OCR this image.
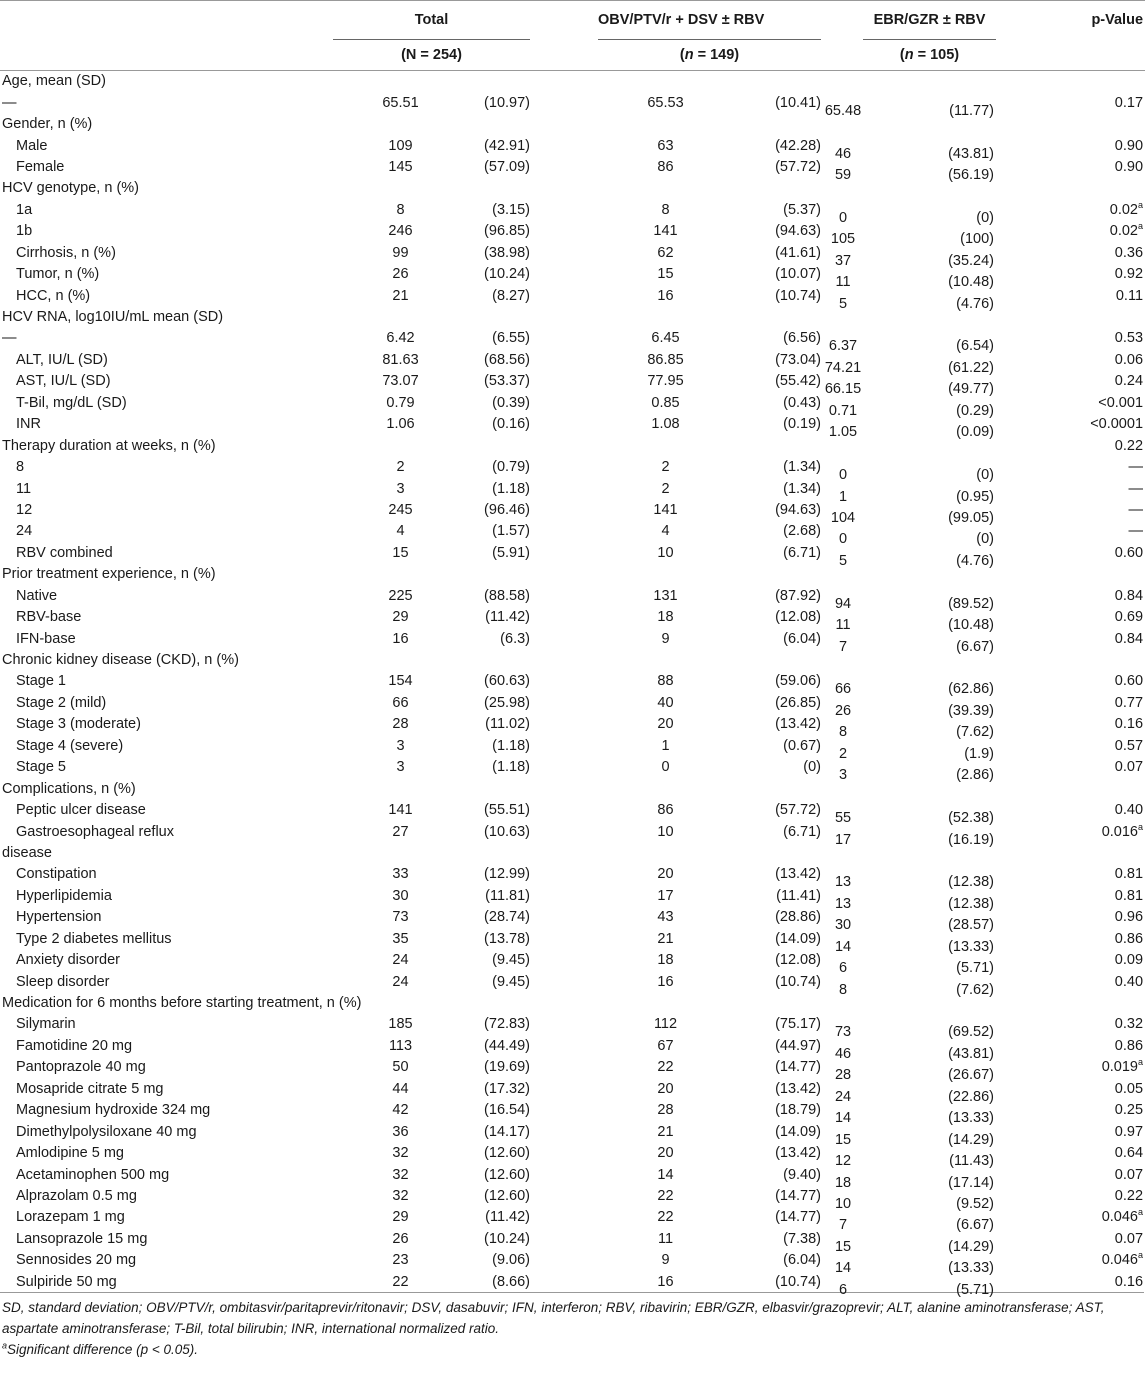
		Total			OBV/PTV/r + DSV ± RBV			EBR/GZR ± RBV	p-Value
		(N = 254)			(n = 149)			(n = 105)	
Age, mean (SD)									
—		65.51	(10.97)		65.53	(10.41)		65.48 (11.77)	0.17
Gender, n (%)									
Male		109	(42.91)		63	(42.28)		46 (43.81)	0.90
Female		145	(57.09)		86	(57.72)		59 (56.19)	0.90
HCV genotype, n (%)									
1a		8	(3.15)		8	(5.37)		0 (0)	0.02$^a$
1b		246	(96.85)		141	(94.63)		105 (100)	0.02$^a$
Cirrhosis, n (%)		99	(38.98)		62	(41.61)		37 (35.24)	0.36
Tumor, n (%)		26	(10.24)		15	(10.07)		11 (10.48)	0.92
HCC, n (%)		21	(8.27)		16	(10.74)		5 (4.76)	0.11
HCV RNA, log10IU/mL mean (SD)									
—		6.42	(6.55)		6.45	(6.56)		6.37 (6.54)	0.53
ALT, IU/L (SD)		81.63	(68.56)		86.85	(73.04)		74.21 (61.22)	0.06
AST, IU/L (SD)		73.07	(53.37)		77.95	(55.42)		66.15 (49.77)	0.24
T-Bil, mg/dL (SD)		0.79	(0.39)		0.85	(0.43)		0.71 (0.29)	<0.001
INR		1.06	(0.16)		1.08	(0.19)		1.05 (0.09)	<0.0001
Therapy duration at weeks, n (%)									0.22
8		2	(0.79)		2	(1.34)		0 (0)	—
11		3	(1.18)		2	(1.34)		1 (0.95)	—
12		245	(96.46)		141	(94.63)		104 (99.05)	—
24		4	(1.57)		4	(2.68)		0 (0)	—
RBV combined		15	(5.91)		10	(6.71)		5 (4.76)	0.60
Prior treatment experience, n (%)									
Native		225	(88.58)		131	(87.92)		94 (89.52)	0.84
RBV-base		29	(11.42)		18	(12.08)		11 (10.48)	0.69
IFN-base		16	(6.3)		9	(6.04)		7 (6.67)	0.84
Chronic kidney disease (CKD), n (%)									
Stage 1		154	(60.63)		88	(59.06)		66 (62.86)	0.60
Stage 2 (mild)		66	(25.98)		40	(26.85)		26 (39.39)	0.77
Stage 3 (moderate)		28	(11.02)		20	(13.42)		8 (7.62)	0.16
Stage 4 (severe)		3	(1.18)		1	(0.67)		2 (1.9)	0.57
Stage 5		3	(1.18)		0	(0)		3 (2.86)	0.07
Complications, n (%)									
Peptic ulcer disease		141	(55.51)		86	(57.72)		55 (52.38)	0.40
Gastroesophageal reflux		27	(10.63)		10	(6.71)		17 (16.19)	0.016$^a$
disease									
Constipation		33	(12.99)		20	(13.42)		13 (12.38)	0.81
Hyperlipidemia		30	(11.81)		17	(11.41)		13 (12.38)	0.81
Hypertension		73	(28.74)		43	(28.86)		30 (28.57)	0.96
Type 2 diabetes mellitus		35	(13.78)		21	(14.09)		14 (13.33)	0.86
Anxiety disorder		24	(9.45)		18	(12.08)		6 (5.71)	0.09
Sleep disorder		24	(9.45)		16	(10.74)		8 (7.62)	0.40
Medication for 6 months before starting treatment, n (%)									
Silymarin		185	(72.83)		112	(75.17)		73 (69.52)	0.32
Famotidine 20 mg		113	(44.49)		67	(44.97)		46 (43.81)	0.86
Pantoprazole 40 mg		50	(19.69)		22	(14.77)		28 (26.67)	0.019$^a$
Mosapride citrate 5 mg		44	(17.32)		20	(13.42)		24 (22.86)	0.05
Magnesium hydroxide 324 mg		42	(16.54)		28	(18.79)		14 (13.33)	0.25
Dimethylpolysiloxane 40 mg		36	(14.17)		21	(14.09)		15 (14.29)	0.97
Amlodipine 5 mg		32	(12.60)		20	(13.42)		12 (11.43)	0.64
Acetaminophen 500 mg		32	(12.60)		14	(9.40)		18 (17.14)	0.07
Alprazolam 0.5 mg		32	(12.60)		22	(14.77)		10 (9.52)	0.22
Lorazepam 1 mg		29	(11.42)		22	(14.77)		7 (6.67)	0.046$^a$
Lansoprazole 15 mg		26	(10.24)		11	(7.38)		15 (14.29)	0.07
Sennosides 20 mg		23	(9.06)		9	(6.04)		14 (13.33)	0.046$^a$
Sulpiride 50 mg		22	(8.66)		16	(10.74)		6 (5.71)	0.16

SD, standard deviation; OBV/PTV/r, ombitasvir/paritaprevir/ritonavir; DSV, dasabuvir; IFN, interferon; RBV, ribavirin; EBR/GZR, elbasvir/grazoprevir; ALT, alanine aminotransferase; AST, aspartate aminotransferase; T-Bil, total bilirubin; INR, international normalized ratio.

$^a$Significant difference (p < 0.05).
